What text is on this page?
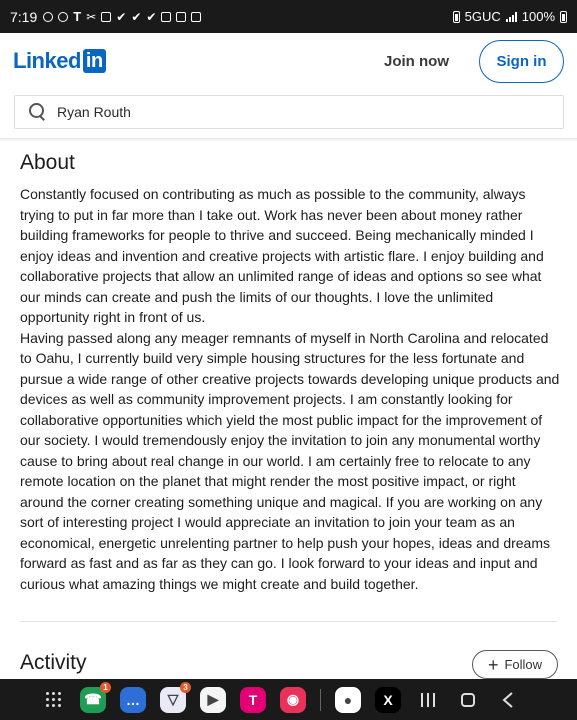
7:19	T ✂ ✔ ✔ ✔	5GUC 100%
Linked in	Join now	Sign in
Ryan Routh
About

Constantly focused on contributing as much as possible to the community, always trying to put in far more than I take out. Work has never been about money rather building frameworks for people to thrive and succeed. Being mechanically minded I enjoy ideas and invention and creative projects with artistic flare. I enjoy building and collaborative projects that allow an unlimited range of ideas and options so see what our minds can create and push the limits of our thoughts. I love the unlimited opportunity right in front of us.

Having passed along any meager remnants of myself in North Carolina and relocated to Oahu, I currently build very simple housing structures for the less fortunate and pursue a wide range of other creative projects towards developing unique products and devices as well as community improvement projects. I am constantly looking for collaborative opportunities which yield the most public impact for the improvement of our society. I would tremendously enjoy the invitation to join any monumental worthy cause to bring about real change in our world. I am certainly free to relocate to any remote location on the planet that might render the most positive impact, or right around the corner creating something unique and magical. If you are working on any sort of interesting project I would appreciate an invitation to join your team as an economical, energetic unrelenting partner to help push your hopes, ideas and dreams forward as fast and as far as they can go. I look forward to your ideas and input and curious what amazing things we might create and build together.

Activity	+ Follow
☎
1
… ▽
3
▶ T ◉	● X
